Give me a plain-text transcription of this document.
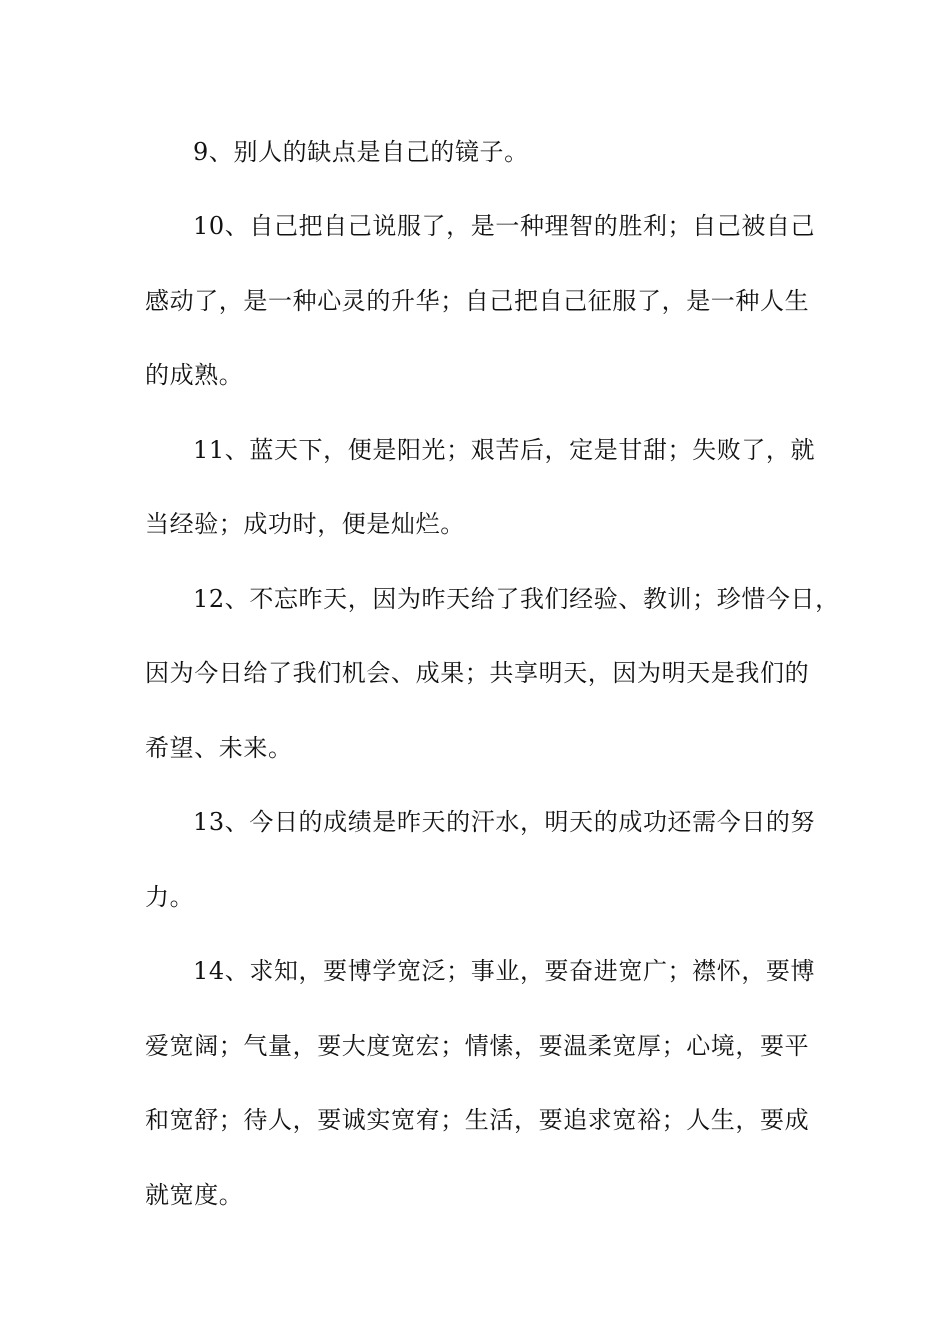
9、别人的缺点是自己的镜子。
10、自己把自己说服了，是一种理智的胜利；自己被自己
感动了，是一种心灵的升华；自己把自己征服了，是一种人生
的成熟。
11、蓝天下，便是阳光；艰苦后，定是甘甜；失败了，就
当经验；成功时，便是灿烂。
12、不忘昨天，因为昨天给了我们经验、教训；珍惜今日，
因为今日给了我们机会、成果；共享明天，因为明天是我们的
希望、未来。
13、今日的成绩是昨天的汗水，明天的成功还需今日的努
力。
14、求知，要博学宽泛；事业，要奋进宽广；襟怀，要博
爱宽阔；气量，要大度宽宏；情愫，要温柔宽厚；心境，要平
和宽舒；待人，要诚实宽宥；生活，要追求宽裕；人生，要成
就宽度。
